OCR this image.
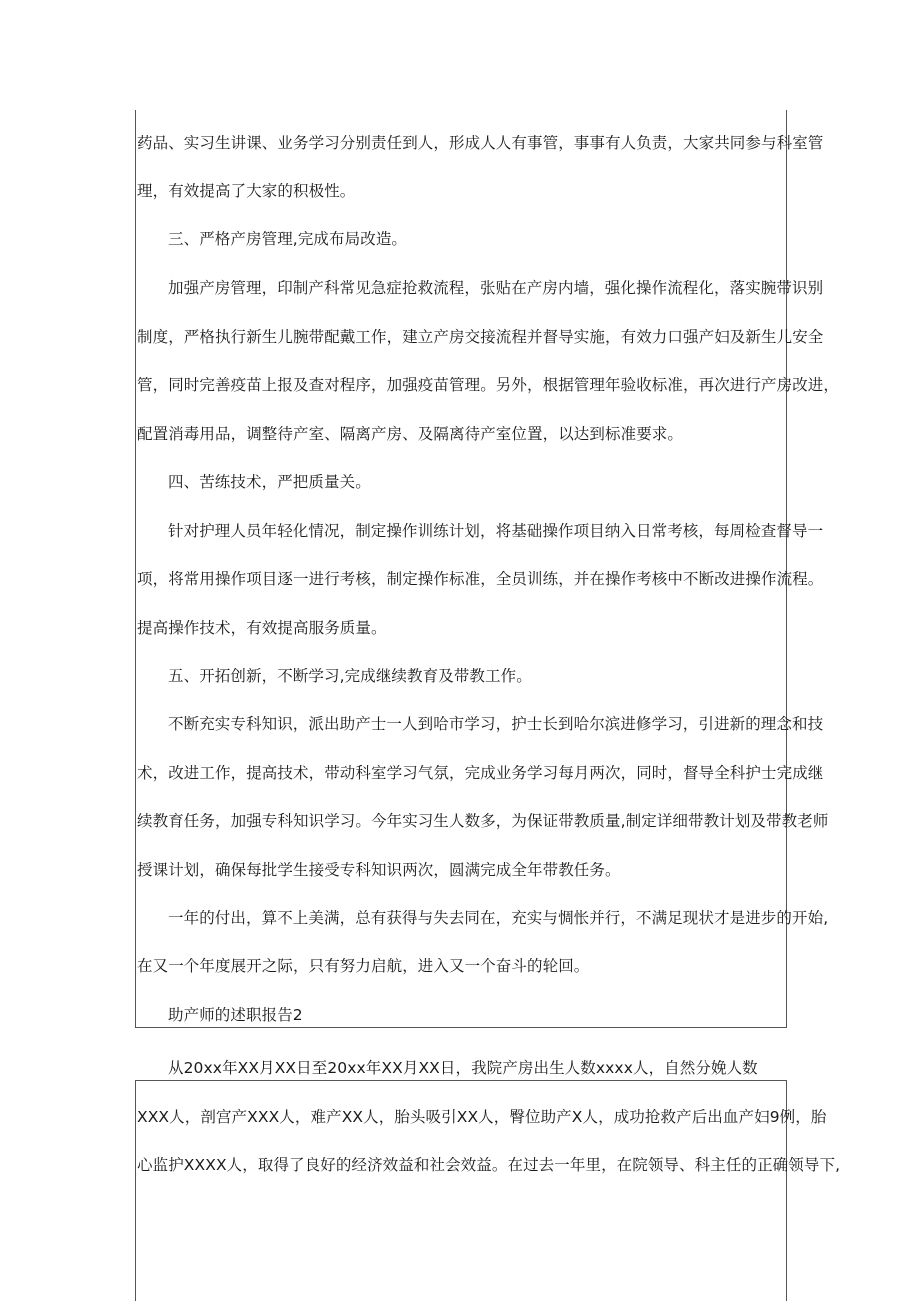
药品、实习生讲课、业务学习分别责任到人，形成人人有事管，事事有人负责，大家共同参与科室管
理，有效提高了大家的积极性。
三、严格产房管理,完成布局改造。
加强产房管理，印制产科常见急症抢救流程，张贴在产房内墙，强化操作流程化，落实腕带识别
制度，严格执行新生儿腕带配戴工作，建立产房交接流程并督导实施，有效力口强产妇及新生儿安全
管，同时完善疫苗上报及查对程序，加强疫苗管理。另外，根据管理年验收标准，再次进行产房改进，
配置消毒用品，调整待产室、隔离产房、及隔离待产室位置，以达到标准要求。
四、苦练技术，严把质量关。
针对护理人员年轻化情况，制定操作训练计划，将基础操作项目纳入日常考核，每周检查督导一
项，将常用操作项目逐一进行考核，制定操作标准，全员训练，并在操作考核中不断改进操作流程。
提高操作技术，有效提高服务质量。
五、开拓创新，不断学习,完成继续教育及带教工作。
不断充实专科知识，派出助产士一人到哈市学习，护士长到哈尔滨进修学习，引进新的理念和技
术，改进工作，提高技术，带动科室学习气氛，完成业务学习每月两次，同时，督导全科护士完成继
续教育任务，加强专科知识学习。今年实习生人数多，为保证带教质量,制定详细带教计划及带教老师
授课计划，确保每批学生接受专科知识两次，圆满完成全年带教任务。
一年的付出，算不上美满，总有获得与失去同在，充实与惆怅并行，不满足现状才是进步的开始,
在又一个年度展开之际，只有努力启航，进入又一个奋斗的轮回。
助产师的述职报告2
从20xx年XX月XX日至20xx年XX月XX日，我院产房出生人数xxxx人，自然分娩人数
XXX人，剖宫产XXX人，难产XX人，胎头吸引XX人，臀位助产X人，成功抢救产后出血产妇9例，胎
心监护XXXX人，取得了良好的经济效益和社会效益。在过去一年里，在院领导、科主任的正确领导下,
